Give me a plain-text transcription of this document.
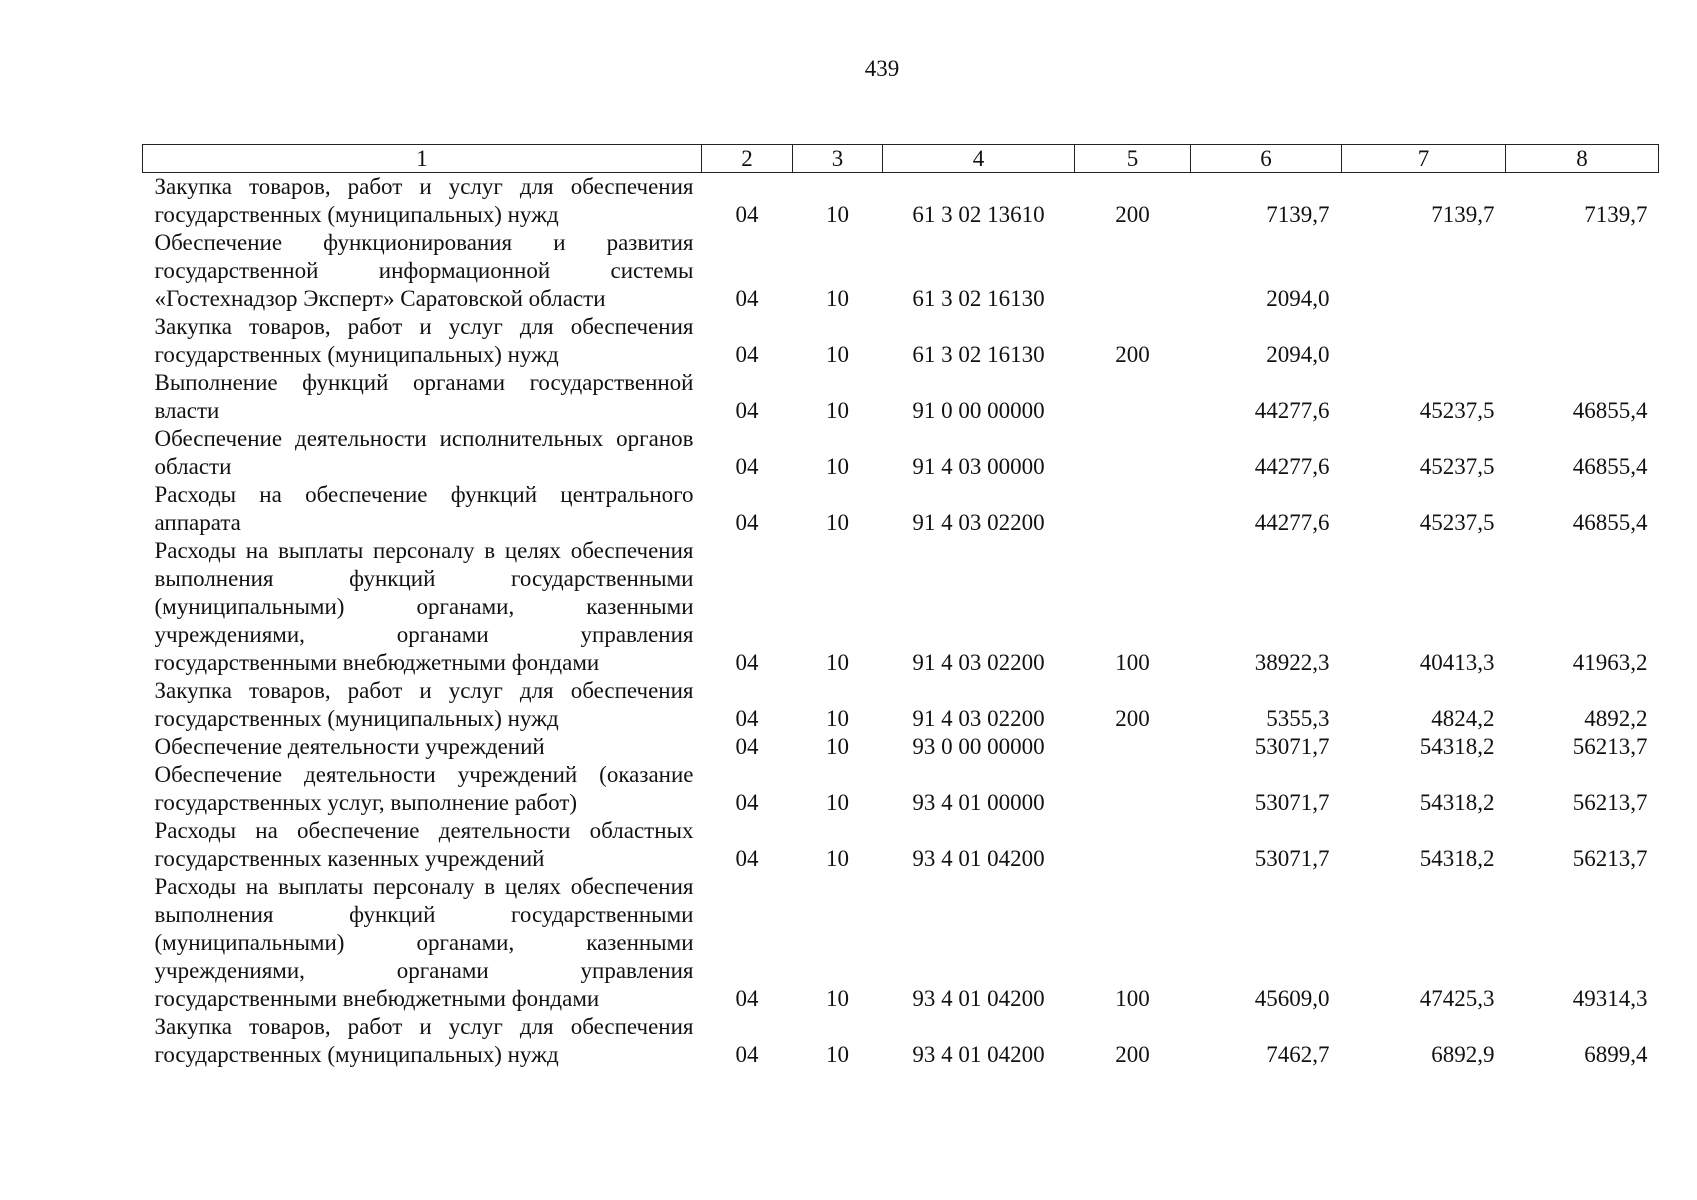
439
1	2	3	4	5	6	7	8
Закупка товаров, работ и услуг для обеспечения государственных (муниципальных) нужд	04	10	61 3 02 13610	200	7139,7	7139,7	7139,7
Обеспечение функционирования и развития государственной информационной системы «Гостехнадзор Эксперт» Саратовской области	04	10	61 3 02 16130		2094,0		
Закупка товаров, работ и услуг для обеспечения государственных (муниципальных) нужд	04	10	61 3 02 16130	200	2094,0		
Выполнение функций органами государственной власти	04	10	91 0 00 00000		44277,6	45237,5	46855,4
Обеспечение деятельности исполнительных органов области	04	10	91 4 03 00000		44277,6	45237,5	46855,4
Расходы на обеспечение функций центрального аппарата	04	10	91 4 03 02200		44277,6	45237,5	46855,4
Расходы на выплаты персоналу в целях обеспечения выполнения функций государственными (муниципальными) органами, казенными учреждениями, органами управления государственными внебюджетными фондами	04	10	91 4 03 02200	100	38922,3	40413,3	41963,2
Закупка товаров, работ и услуг для обеспечения государственных (муниципальных) нужд	04	10	91 4 03 02200	200	5355,3	4824,2	4892,2
Обеспечение деятельности учреждений	04	10	93 0 00 00000		53071,7	54318,2	56213,7
Обеспечение деятельности учреждений (оказание государственных услуг, выполнение работ)	04	10	93 4 01 00000		53071,7	54318,2	56213,7
Расходы на обеспечение деятельности областных государственных казенных учреждений	04	10	93 4 01 04200		53071,7	54318,2	56213,7
Расходы на выплаты персоналу в целях обеспечения выполнения функций государственными (муниципальными) органами, казенными учреждениями, органами управления государственными внебюджетными фондами	04	10	93 4 01 04200	100	45609,0	47425,3	49314,3
Закупка товаров, работ и услуг для обеспечения государственных (муниципальных) нужд	04	10	93 4 01 04200	200	7462,7	6892,9	6899,4
